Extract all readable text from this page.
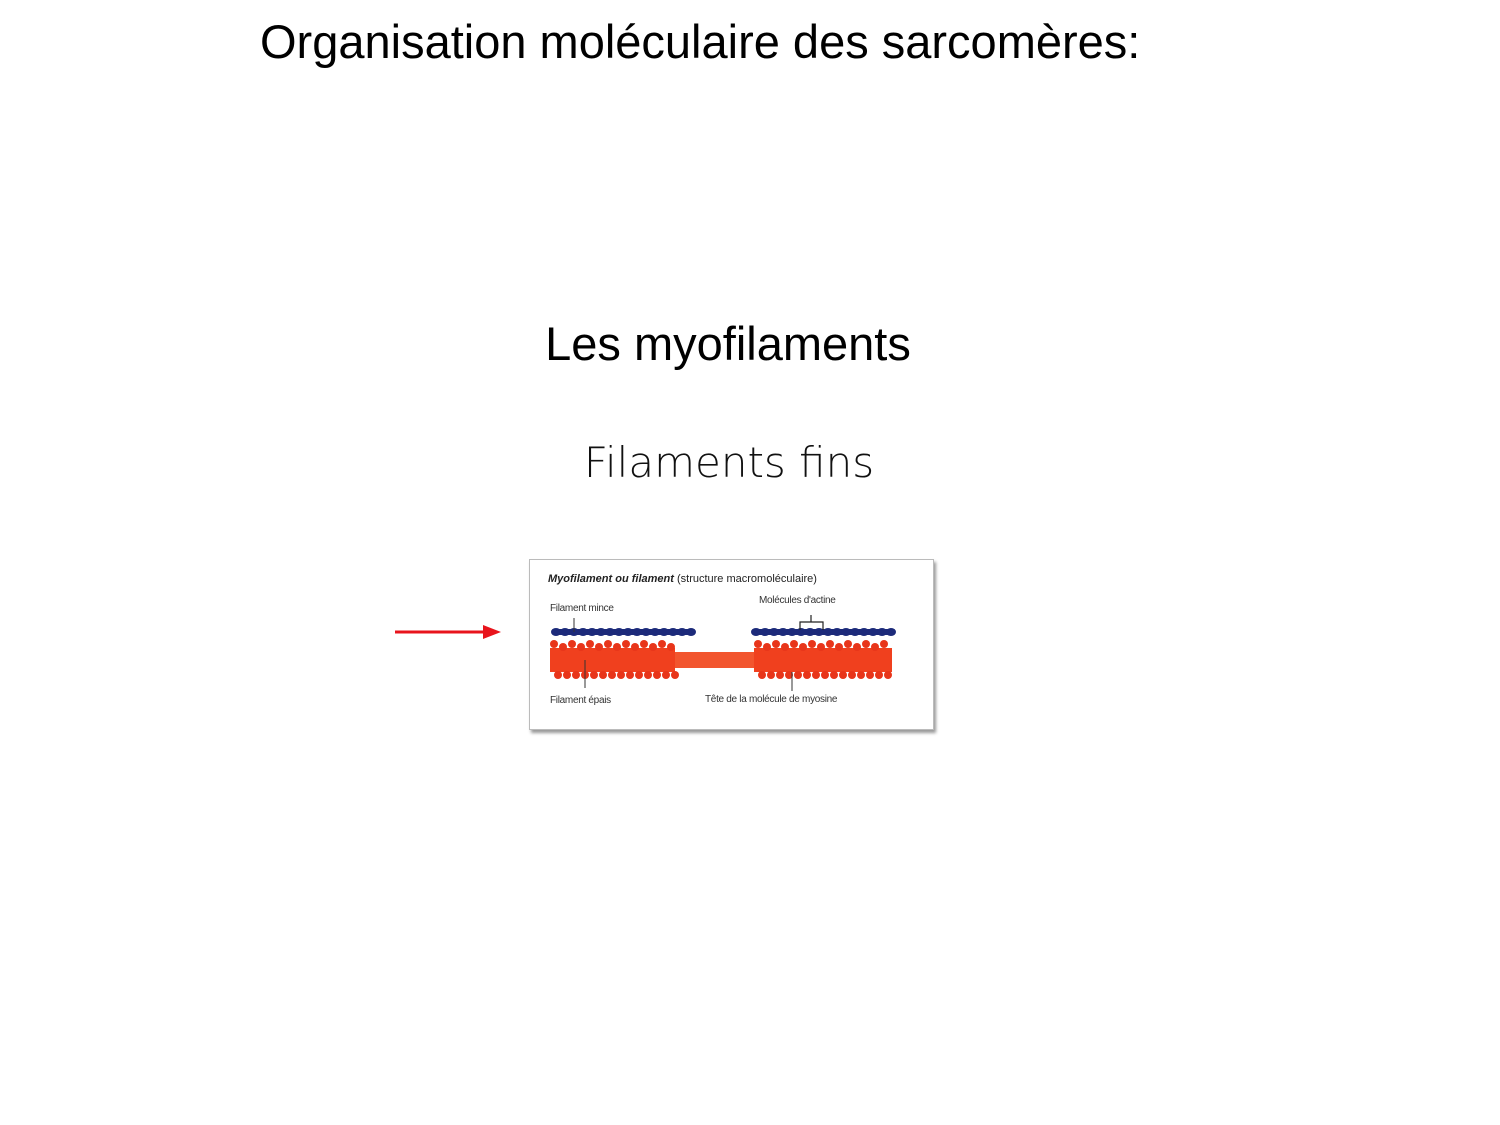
Organisation moléculaire des sarcomères:
Les myofilaments
Filaments fins
Myofilament ou filament (structure macromoléculaire)
Filament mince
Molécules d'actine
Filament épais	Tête de la molécule de myosine
